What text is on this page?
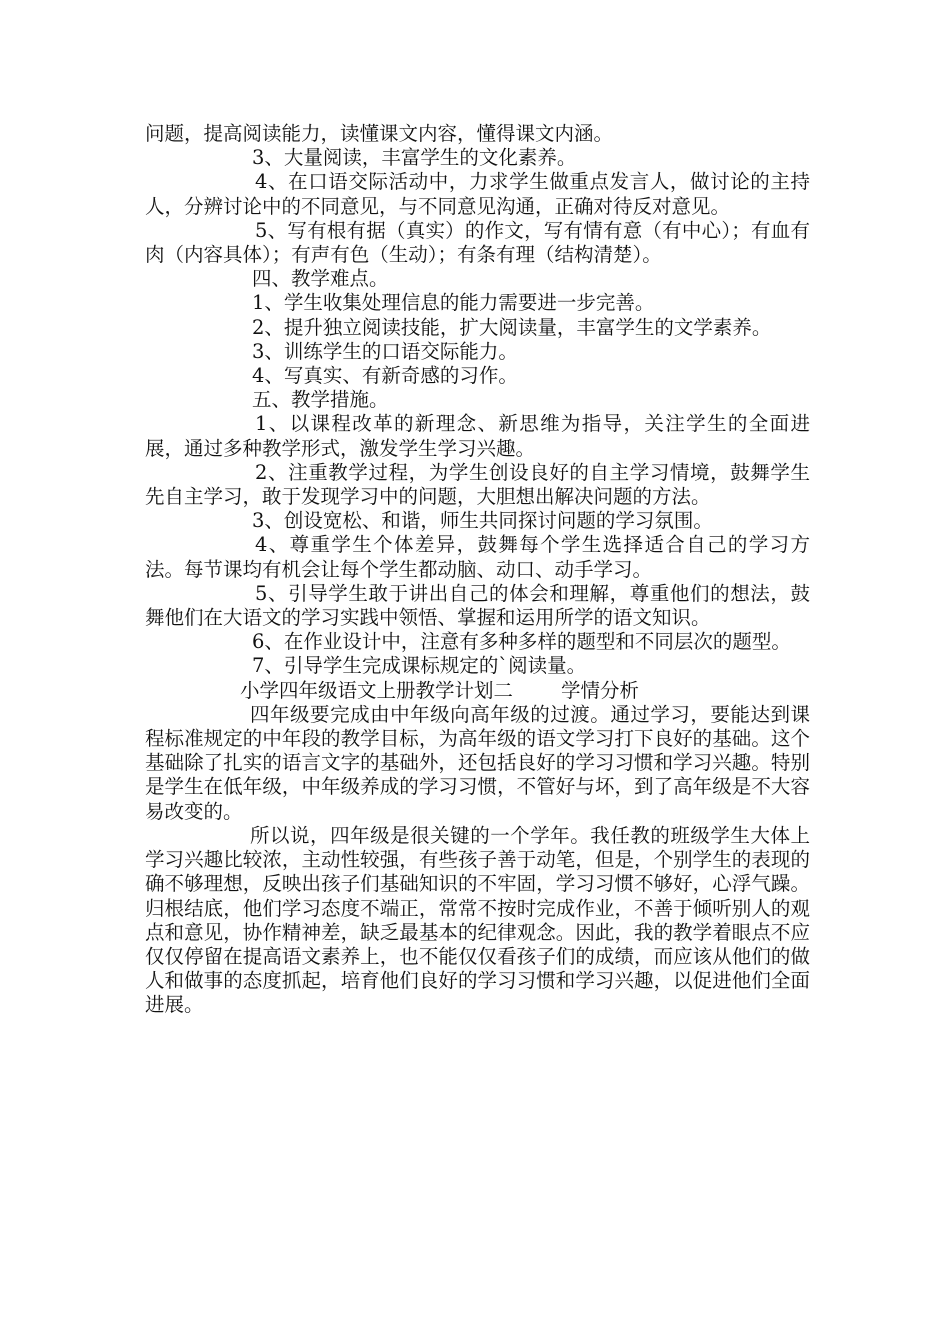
问题，提高阅读能力，读懂课文内容，懂得课文内涵。

3、大量阅读，丰富学生的文化素养。

4、在口语交际活动中，力求学生做重点发言人，做讨论的主持人，分辨讨论中的不同意见，与不同意见沟通，正确对待反对意见。

5、写有根有据（真实）的作文，写有情有意（有中心）；有血有肉（内容具体）；有声有色（生动）；有条有理（结构清楚）。

四、教学难点。

1、学生收集处理信息的能力需要进一步完善。

2、提升独立阅读技能，扩大阅读量，丰富学生的文学素养。

3、训练学生的口语交际能力。

4、写真实、有新奇感的习作。

五、教学措施。

1、以课程改革的新理念、新思维为指导，关注学生的全面进展，通过多种教学形式，激发学生学习兴趣。

2、注重教学过程，为学生创设良好的自主学习情境，鼓舞学生先自主学习，敢于发现学习中的问题，大胆想出解决问题的方法。

3、创设宽松、和谐，师生共同探讨问题的学习氛围。

4、尊重学生个体差异，鼓舞每个学生选择适合自己的学习方法。每节课均有机会让每个学生都动脑、动口、动手学习。

5、引导学生敢于讲出自己的体会和理解，尊重他们的想法，鼓舞他们在大语文的学习实践中领悟、掌握和运用所学的语文知识。

6、在作业设计中，注意有多种多样的题型和不同层次的题型。

7、引导学生完成课标规定的`阅读量。

小学四年级语文上册教学计划二 学情分析

四年级要完成由中年级向高年级的过渡。通过学习，要能达到课程标准规定的中年段的教学目标，为高年级的语文学习打下良好的基础。这个基础除了扎实的语言文字的基础外，还包括良好的学习习惯和学习兴趣。特别是学生在低年级，中年级养成的学习习惯，不管好与坏，到了高年级是不大容易改变的。

所以说，四年级是很关键的一个学年。我任教的班级学生大体上学习兴趣比较浓，主动性较强，有些孩子善于动笔，但是，个别学生的表现的确不够理想，反映出孩子们基础知识的不牢固，学习习惯不够好，心浮气躁。归根结底，他们学习态度不端正，常常不按时完成作业，不善于倾听别人的观点和意见，协作精神差，缺乏最基本的纪律观念。因此，我的教学着眼点不应仅仅停留在提高语文素养上，也不能仅仅看孩子们的成绩，而应该从他们的做人和做事的态度抓起，培育他们良好的学习习惯和学习兴趣，以促进他们全面进展。
